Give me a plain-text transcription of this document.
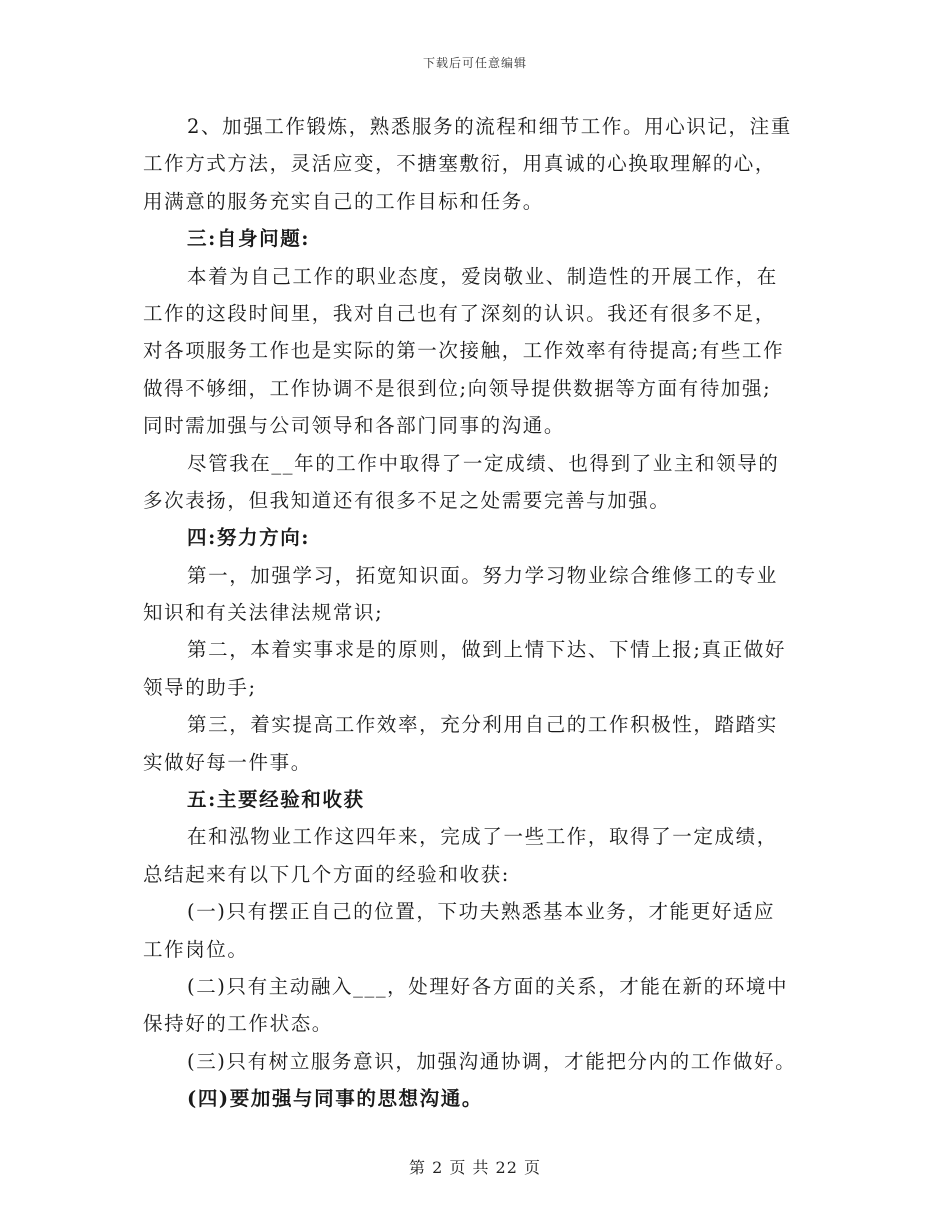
下载后可任意编辑
2、加强工作锻炼，熟悉服务的流程和细节工作。用心识记，注重
工作方式方法，灵活应变，不搪塞敷衍，用真诚的心换取理解的心，
用满意的服务充实自己的工作目标和任务。
三:自身问题:
本着为自己工作的职业态度，爱岗敬业、制造性的开展工作，在
工作的这段时间里，我对自己也有了深刻的认识。我还有很多不足，
对各项服务工作也是实际的第一次接触，工作效率有待提高;有些工作
做得不够细，工作协调不是很到位;向领导提供数据等方面有待加强;
同时需加强与公司领导和各部门同事的沟通。
尽管我在__年的工作中取得了一定成绩、也得到了业主和领导的
多次表扬，但我知道还有很多不足之处需要完善与加强。
四:努力方向:
第一，加强学习，拓宽知识面。努力学习物业综合维修工的专业
知识和有关法律法规常识;
第二，本着实事求是的原则，做到上情下达、下情上报;真正做好
领导的助手;
第三，着实提高工作效率，充分利用自己的工作积极性，踏踏实
实做好每一件事。
五:主要经验和收获
在和泓物业工作这四年来，完成了一些工作，取得了一定成绩，
总结起来有以下几个方面的经验和收获:
(一)只有摆正自己的位置，下功夫熟悉基本业务，才能更好适应
工作岗位。
(二)只有主动融入___，处理好各方面的关系，才能在新的环境中
保持好的工作状态。
(三)只有树立服务意识，加强沟通协调，才能把分内的工作做好。
(四)要加强与同事的思想沟通。
第 2 页 共 22 页
